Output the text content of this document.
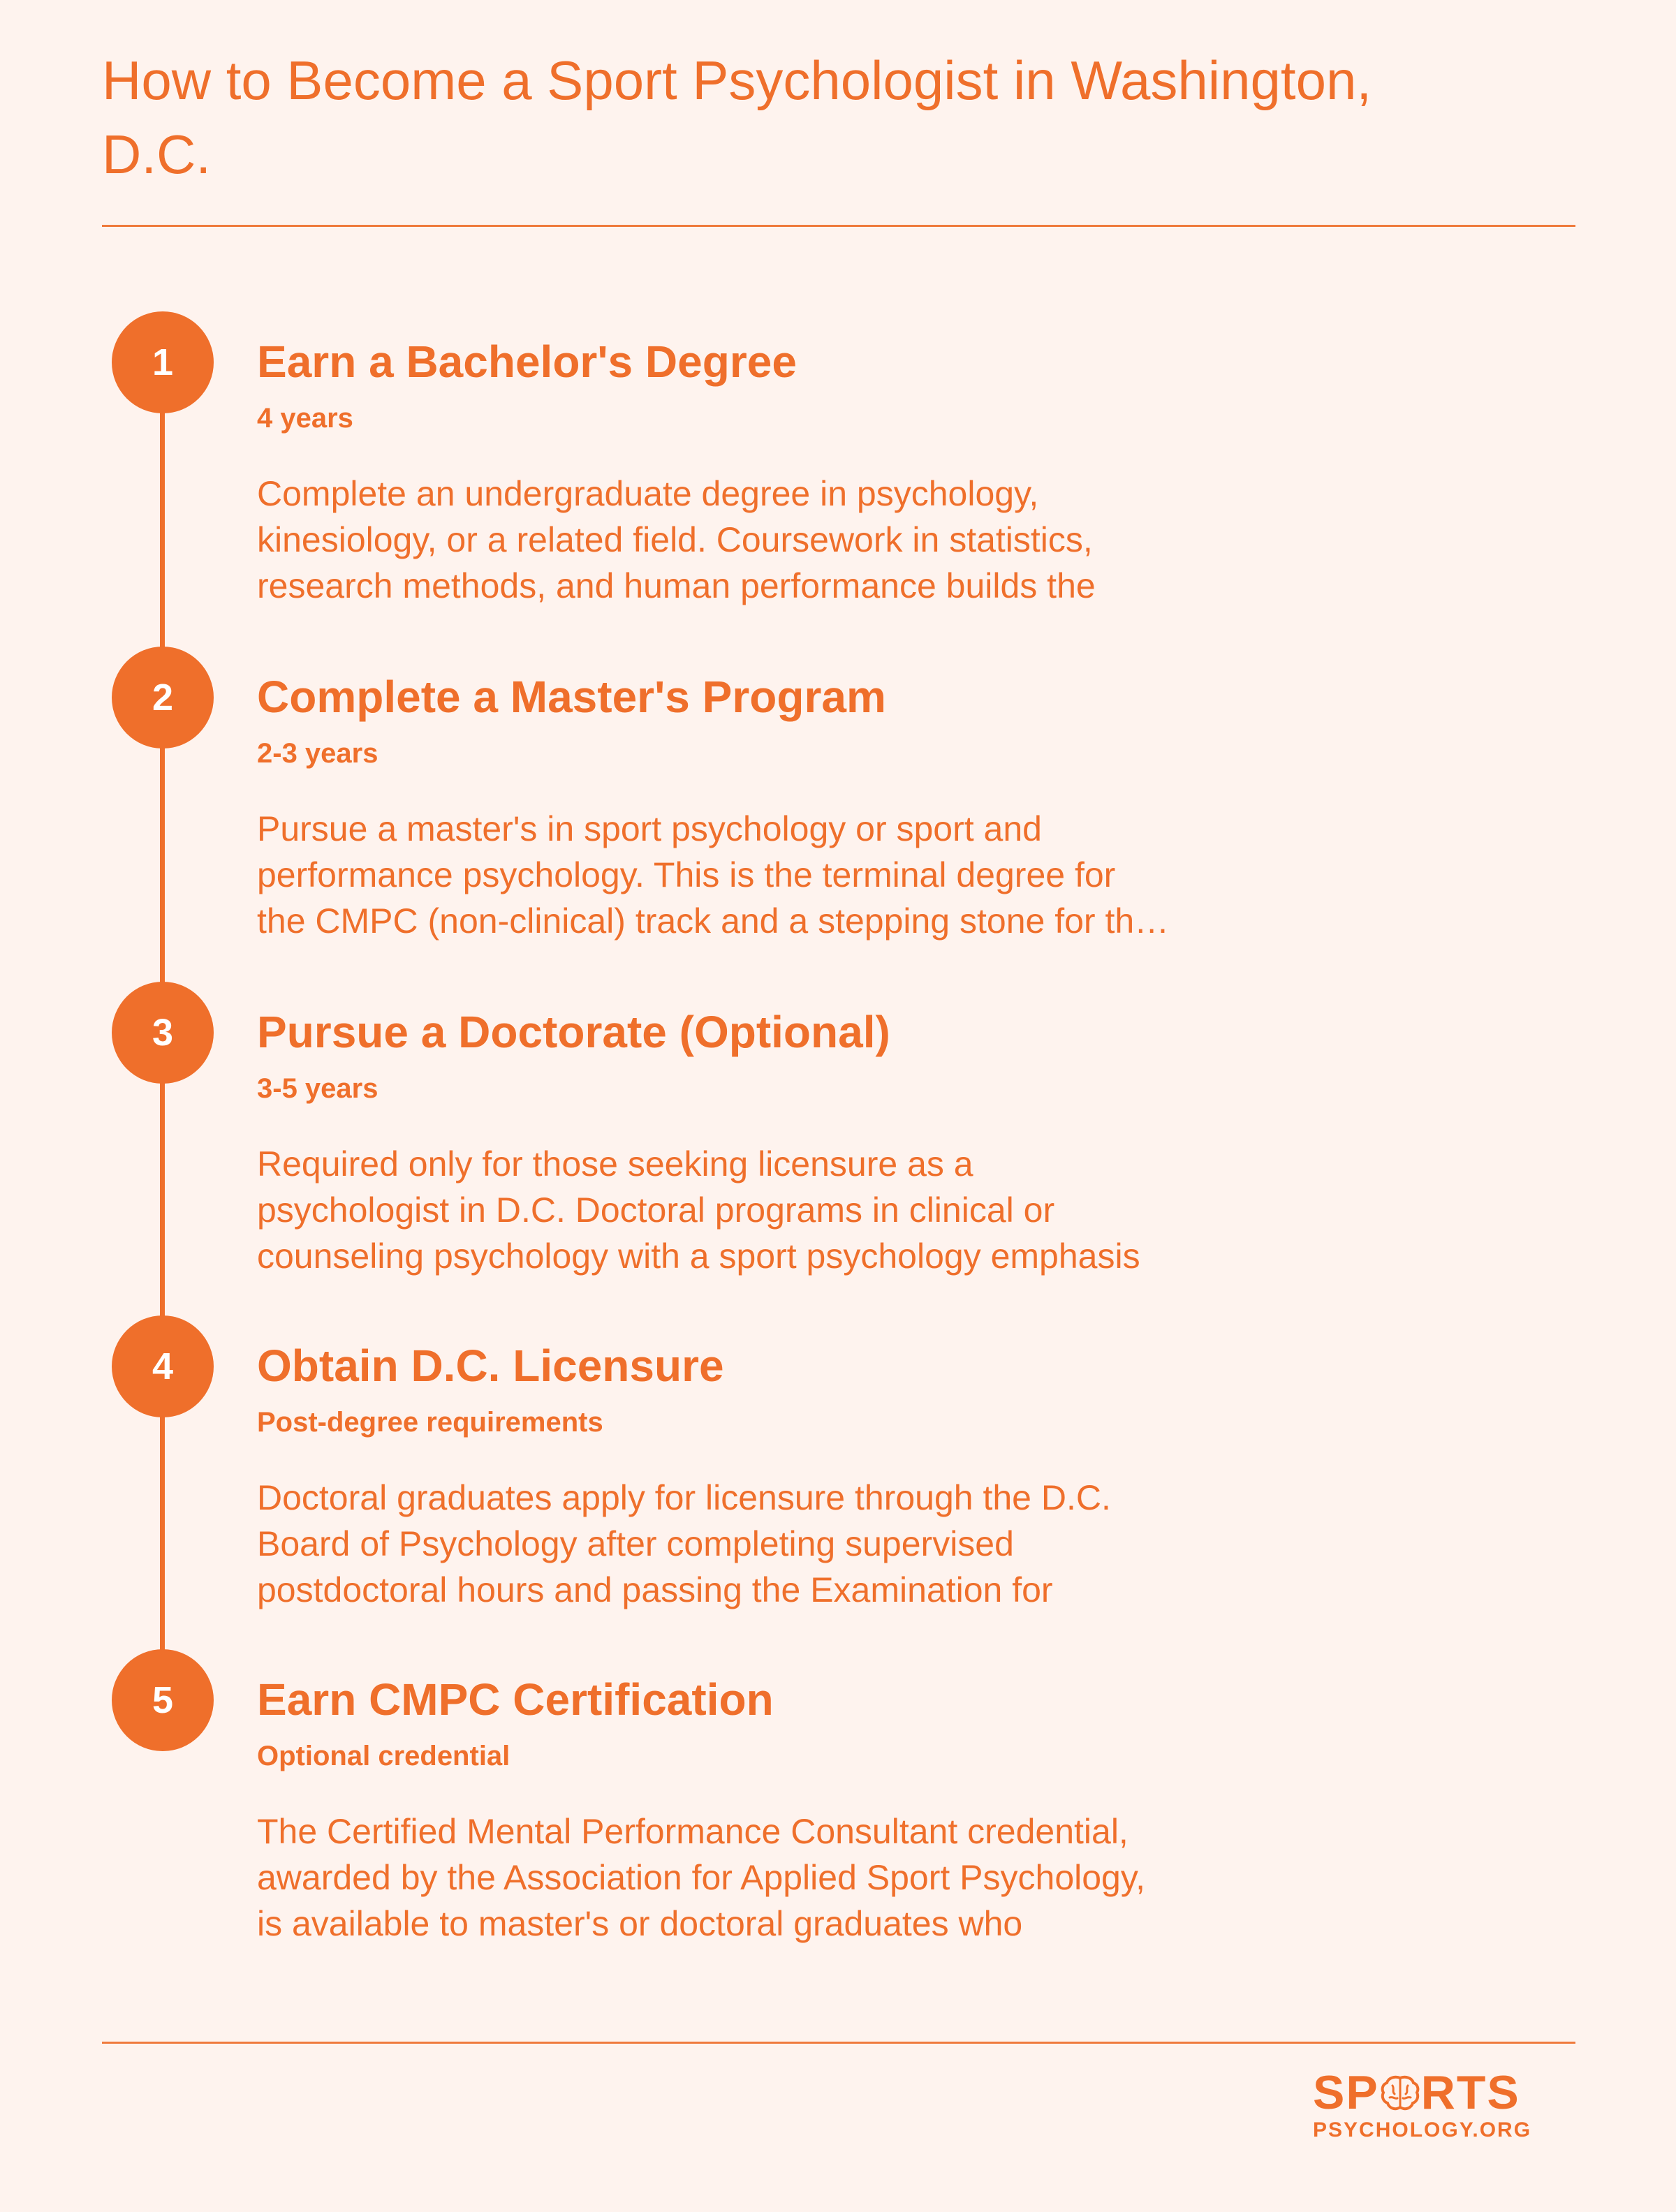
How to Become a Sport Psychologist in Washington, D.C.
1	Earn a Bachelor's Degree
4 years
Complete an undergraduate degree in psychology,
kinesiology, or a related field. Coursework in statistics,
research methods, and human performance builds the
2	Complete a Master's Program
2-3 years
Pursue a master's in sport psychology or sport and
performance psychology. This is the terminal degree for
the CMPC (non-clinical) track and a stepping stone for th…
3	Pursue a Doctorate (Optional)
3-5 years
Required only for those seeking licensure as a
psychologist in D.C. Doctoral programs in clinical or
counseling psychology with a sport psychology emphasis
4	Obtain D.C. Licensure
Post-degree requirements
Doctoral graduates apply for licensure through the D.C.
Board of Psychology after completing supervised
postdoctoral hours and passing the Examination for
5	Earn CMPC Certification
Optional credential
The Certified Mental Performance Consultant credential,
awarded by the Association for Applied Sport Psychology,
is available to master's or doctoral graduates who
SP RTS
PSYCHOLOGY.ORG
